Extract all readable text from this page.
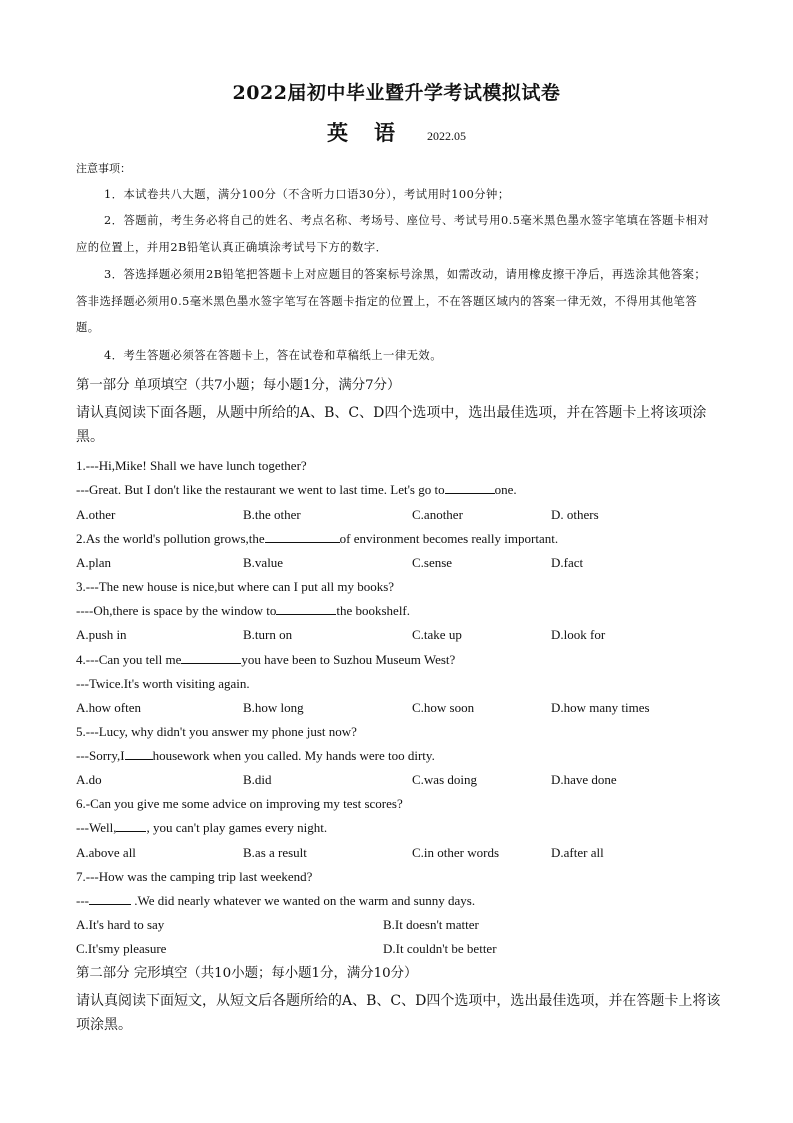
2022届初中毕业暨升学考试模拟试卷
英语 2022.05
注意事项：

1．本试卷共八大题，满分100分（不含听力口语30分），考试用时100分钟；

2．答题前，考生务必将自己的姓名、考点名称、考场号、座位号、考试号用0.5毫米黑色墨水签字笔填在答题卡相对应的位置上，并用2B铅笔认真正确填涂考试号下方的数字．

3．答选择题必须用2B铅笔把答题卡上对应题目的答案标号涂黑，如需改动，请用橡皮擦干净后，再选涂其他答案；答非选择题必须用0.5毫米黑色墨水签字笔写在答题卡指定的位置上，不在答题区域内的答案一律无效，不得用其他笔答题。

4．考生答题必须答在答题卡上，答在试卷和草稿纸上一律无效。

第一部分 单项填空（共7小题；每小题1分，满分7分）
请认真阅读下面各题，从题中所给的A、B、C、D四个选项中，选出最佳选项，并在答题卡上将该项涂黑。
1.---Hi,Mike! Shall we have lunch together?
---Great. But I don't like the restaurant we went to last time. Let's go to	one.
A.other	B.the other	C.another	D. others
2.As the world's pollution grows,the	of environment becomes really important.
A.plan	B.value	C.sense	D.fact
3.---The new house is nice,but where can I put all my books?
----Oh,there is space by the window to	the bookshelf.
A.push in	B.turn on	C.take up	D.look for
4.---Can you tell me	you have been to Suzhou Museum West?
---Twice.It's worth visiting again.
A.how often	B.how long	C.how soon	D.how many times
5.---Lucy, why didn't you answer my phone just now?
---Sorry,I housework when you called. My hands were too dirty.
A.do	B.did	C.was doing	D.have done
6.-Can you give me some advice on improving my test scores?
---Well, , you can't play games every night.
A.above all	B.as a result	C.in other words	D.after all
7.---How was the camping trip last weekend?
---	.We did nearly whatever we wanted on the warm and sunny days.
A.It's hard to say	B.It doesn't matter
C.It'smy pleasure	D.It couldn't be better
第二部分 完形填空（共10小题；每小题1分，满分10分）
请认真阅读下面短文，从短文后各题所给的A、B、C、D四个选项中，选出最佳选项，并在答题卡上将该项涂黑。
